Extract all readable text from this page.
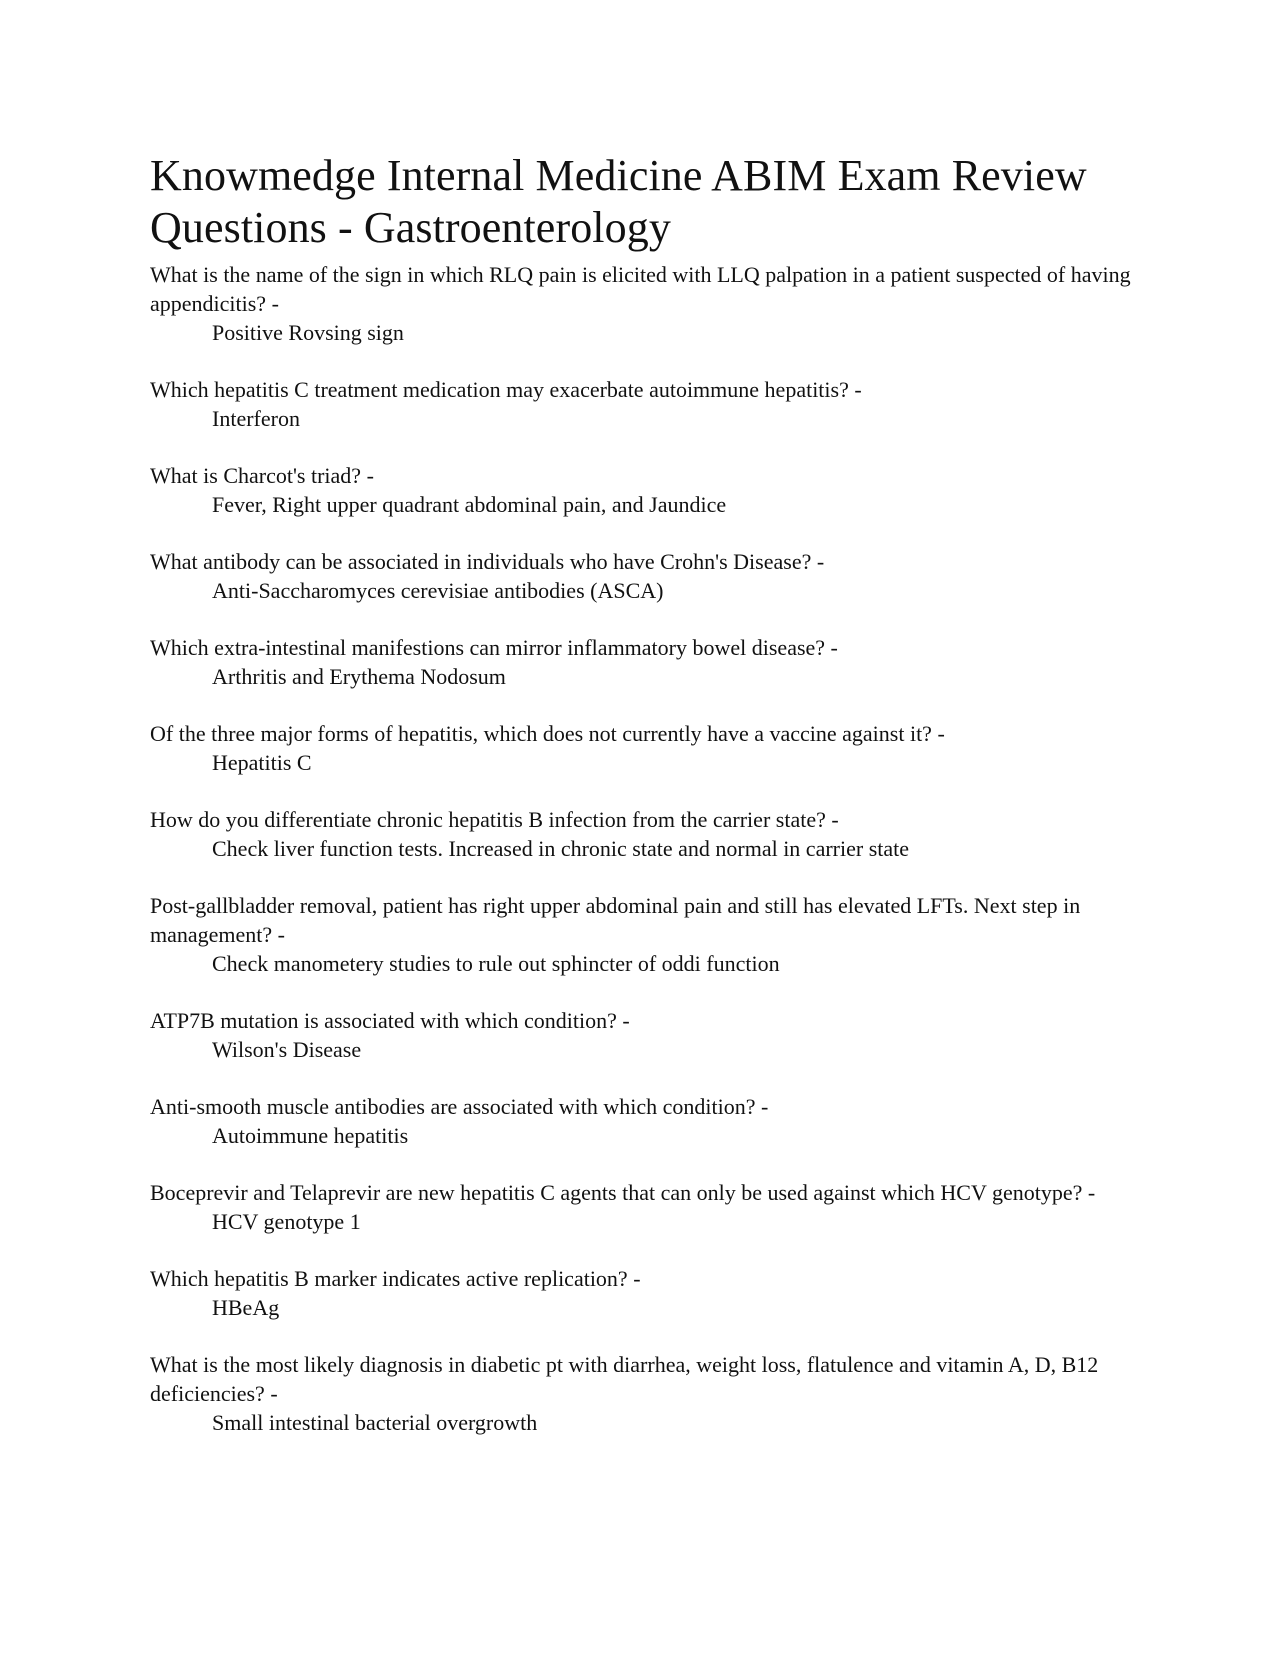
Knowmedge Internal Medicine ABIM Exam Review Questions - Gastroenterology

What is the name of the sign in which RLQ pain is elicited with LLQ palpation in a patient suspected of having appendicitis? -

Positive Rovsing sign

Which hepatitis C treatment medication may exacerbate autoimmune hepatitis? -

Interferon

What is Charcot's triad? -

Fever, Right upper quadrant abdominal pain, and Jaundice

What antibody can be associated in individuals who have Crohn's Disease? -

Anti-Saccharomyces cerevisiae antibodies (ASCA)

Which extra-intestinal manifestions can mirror inflammatory bowel disease? -

Arthritis and Erythema Nodosum

Of the three major forms of hepatitis, which does not currently have a vaccine against it? -

Hepatitis C

How do you differentiate chronic hepatitis B infection from the carrier state? -

Check liver function tests. Increased in chronic state and normal in carrier state

Post-gallbladder removal, patient has right upper abdominal pain and still has elevated LFTs. Next step in management? -

Check manometery studies to rule out sphincter of oddi function

ATP7B mutation is associated with which condition? -

Wilson's Disease

Anti-smooth muscle antibodies are associated with which condition? -

Autoimmune hepatitis

Boceprevir and Telaprevir are new hepatitis C agents that can only be used against which HCV genotype? -

HCV genotype 1

Which hepatitis B marker indicates active replication? -

HBeAg

What is the most likely diagnosis in diabetic pt with diarrhea, weight loss, flatulence and vitamin A, D, B12 deficiencies? -

Small intestinal bacterial overgrowth
